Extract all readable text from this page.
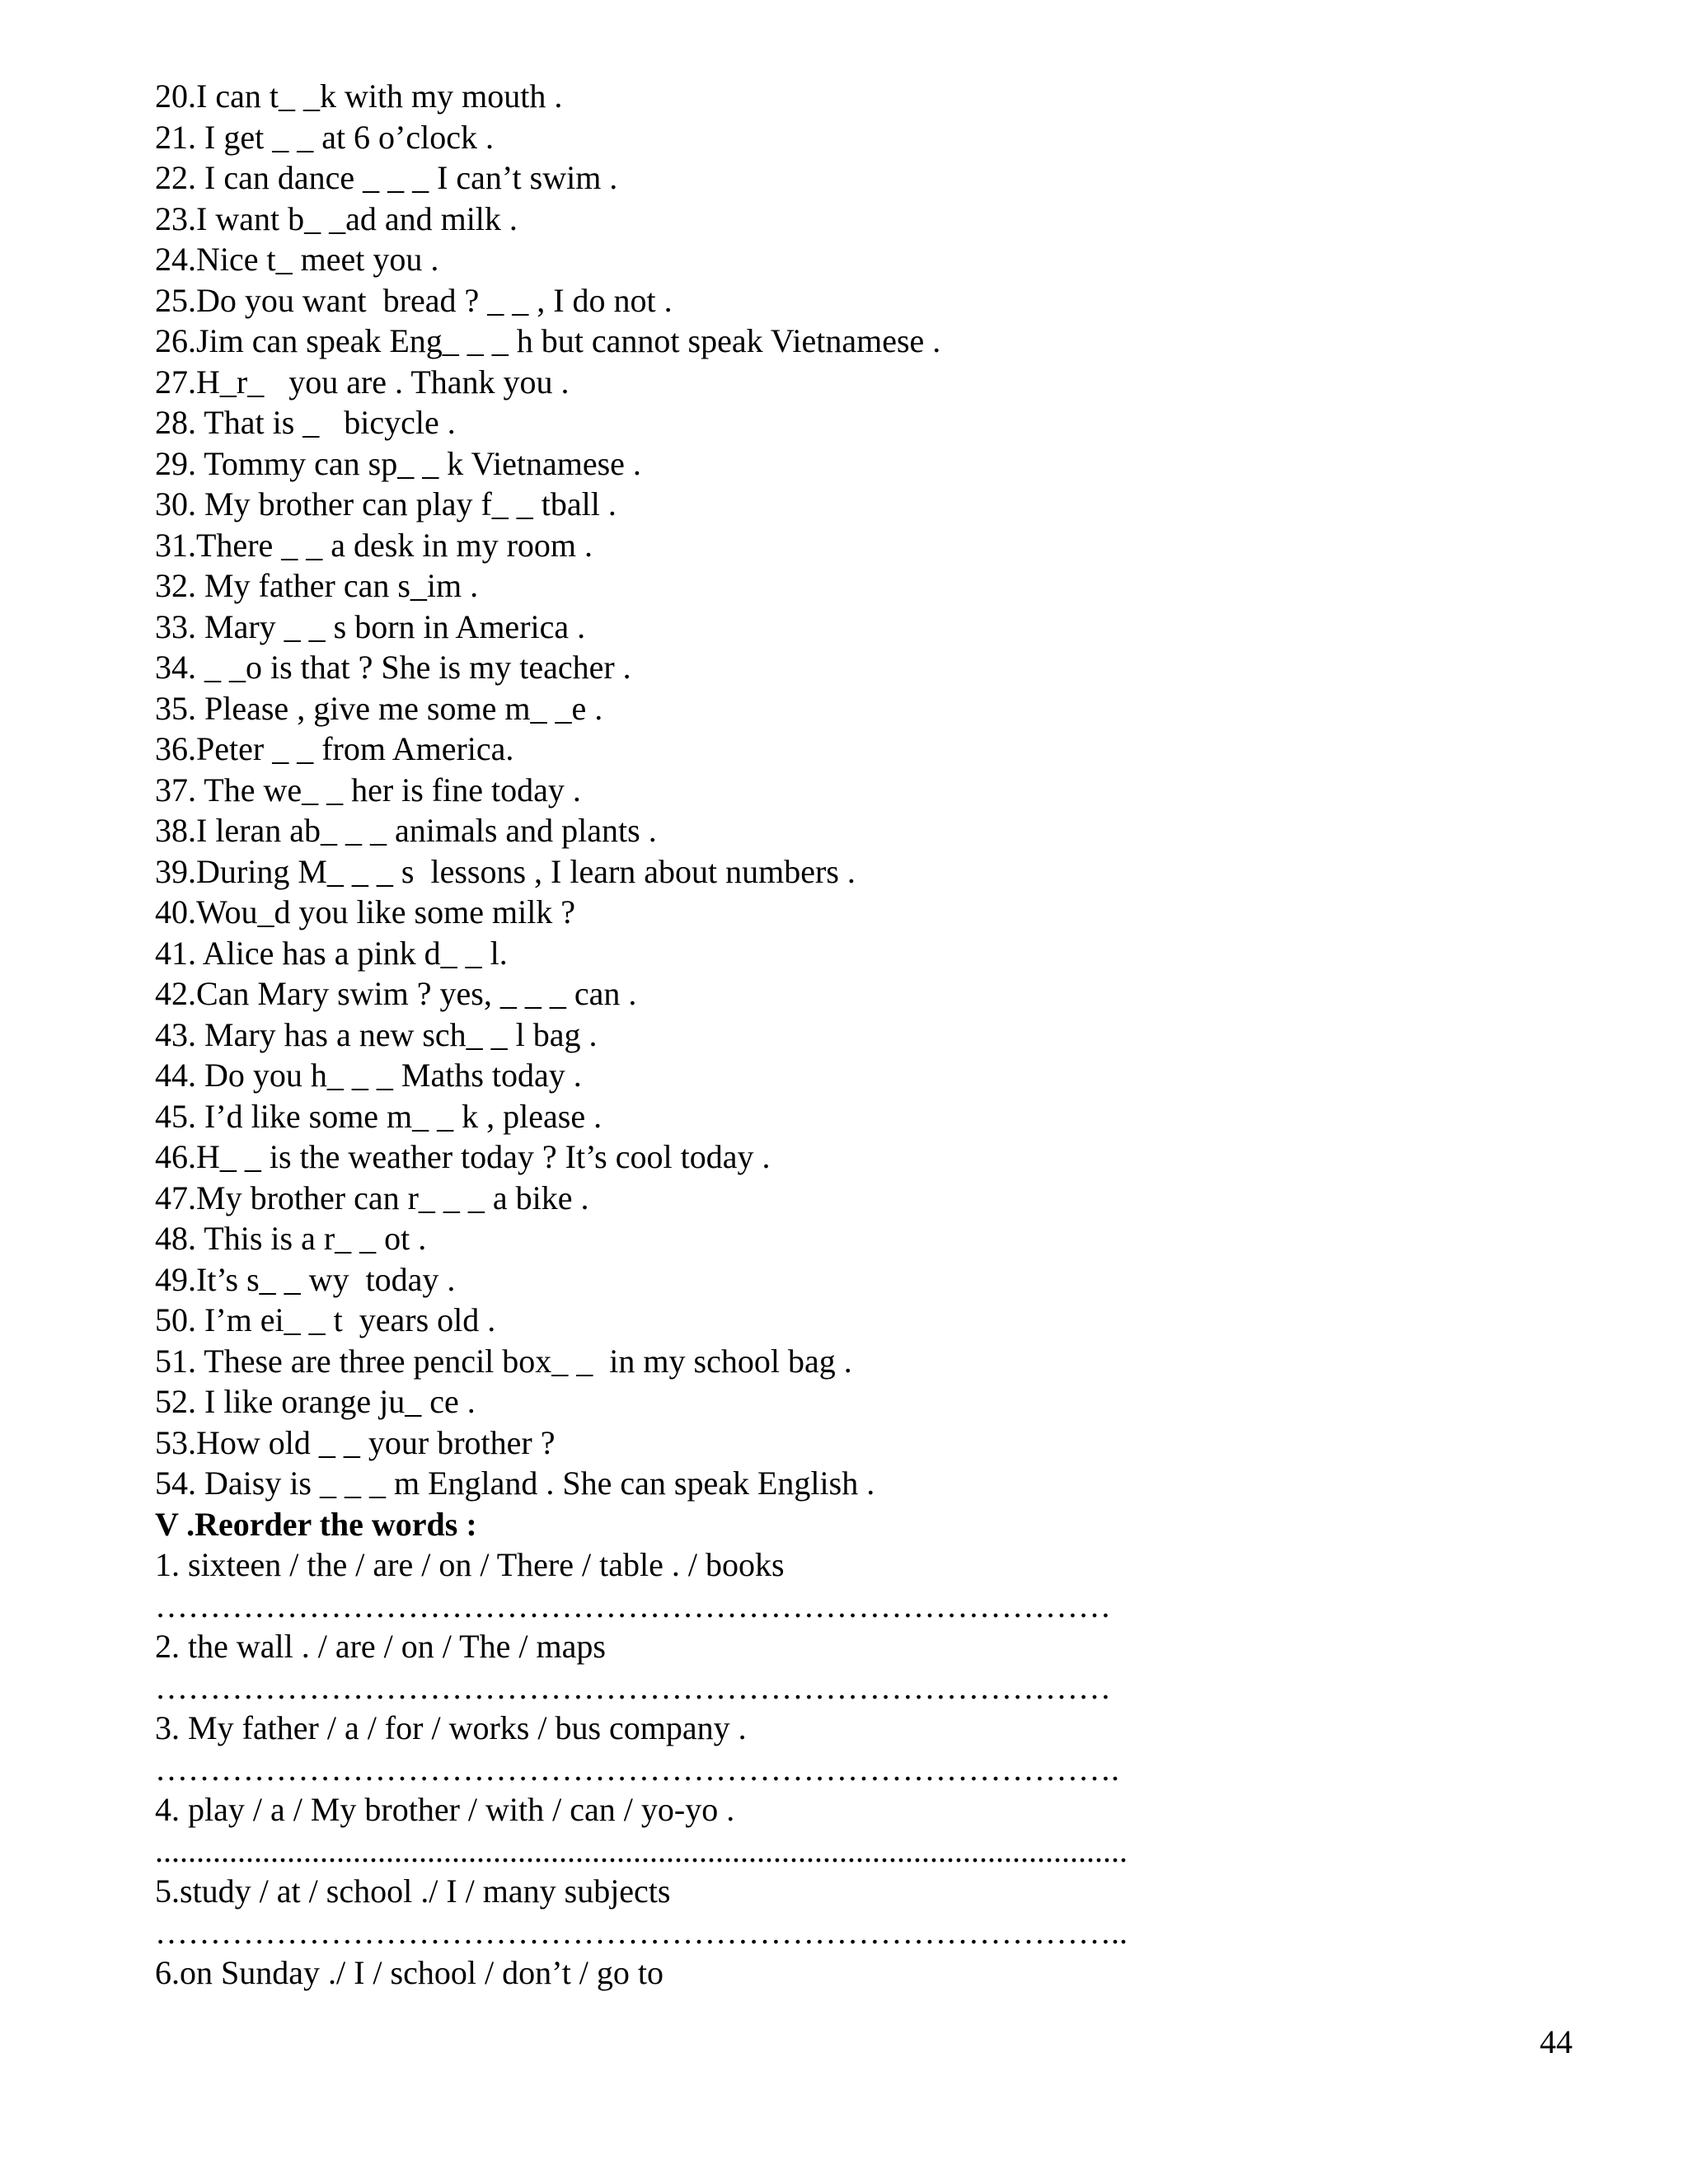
20.I can t_ _k with my mouth .
21. I get _ _ at 6 o’clock .
22. I can dance _ _ _ I can’t swim .
23.I want b_ _ad and milk .
24.Nice t_ meet you .
25.Do you want  bread ? _ _ , I do not .
26.Jim can speak Eng_ _ _ h but cannot speak Vietnamese .
27.H_r_   you are . Thank you .
28. That is _   bicycle .
29. Tommy can sp_ _ k Vietnamese .
30. My brother can play f_ _ tball .
31.There _ _ a desk in my room .
32. My father can s_im .
33. Mary _ _ s born in America .
34. _ _o is that ? She is my teacher .
35. Please , give me some m_ _e .
36.Peter _ _ from America.
37. The we_ _ her is fine today .
38.I leran ab_ _ _ animals and plants .
39.During M_ _ _ s  lessons , I learn about numbers .
40.Wou_d you like some milk ?
41. Alice has a pink d_ _ l.
42.Can Mary swim ? yes, _ _ _ can .
43. Mary has a new sch_ _ l bag .
44. Do you h_ _ _ Maths today .
45. I’d like some m_ _ k , please .
46.H_ _ is the weather today ? It’s cool today .
47.My brother can r_ _ _ a bike .
48. This is a r_ _ ot .
49.It’s s_ _ wy  today .
50. I’m ei_ _ t  years old .
51. These are three pencil box_ _  in my school bag .
52. I like orange ju_ ce .
53.How old _ _ your brother ?
54. Daisy is _ _ _ m England . She can speak English .
V .Reorder the words :
1. sixteen / the / are / on / There / table . / books
……………………………………………………………………………
2. the wall . / are / on / The / maps
……………………………………………………………………………
3. My father / a / for / works / bus company .
…………………………………………………………………………….
4. play / a / My brother / with / can / yo-yo .
......................................................................................................................
5.study / at / school ./ I / many subjects
……………………………………………………………………………..
6.on Sunday ./ I / school / don’t / go to
44
